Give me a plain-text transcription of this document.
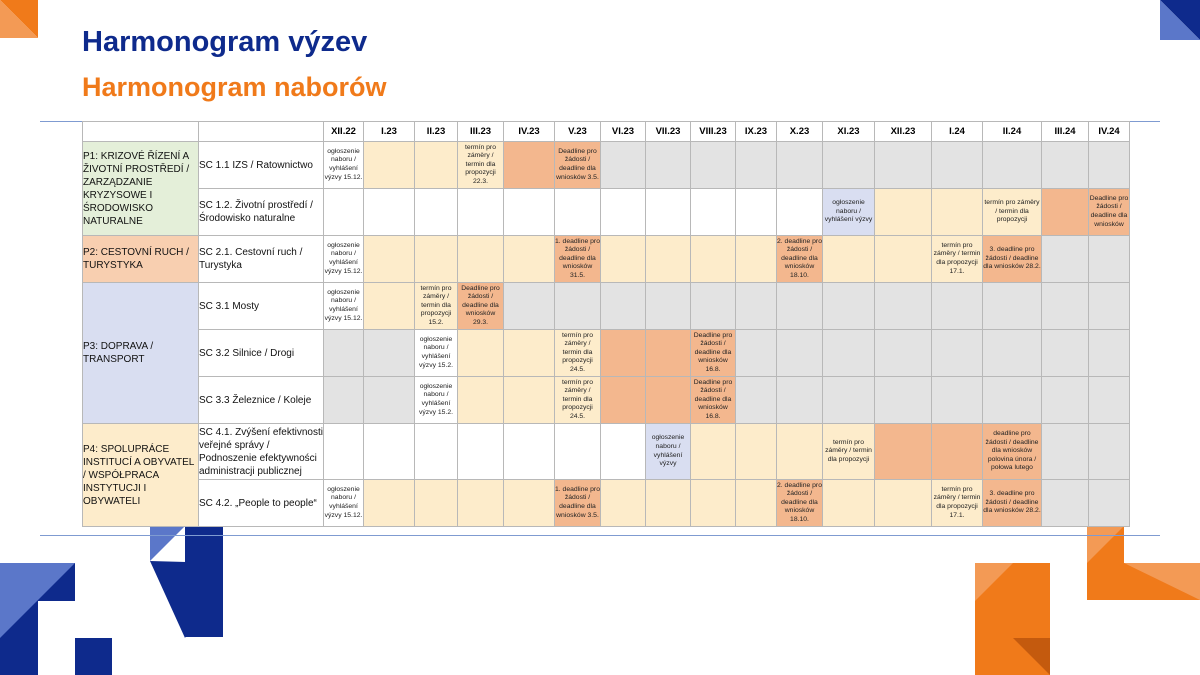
Harmonogram výzev
Harmonogram naborów
		XII.22	I.23	II.23	III.23	IV.23	V.23	VI.23	VII.23	VIII.23	IX.23	X.23	XI.23	XII.23	I.24	II.24	III.24	IV.24
P1: KRIZOVÉ ŘÍZENÍ A ŽIVOTNÍ PROSTŘEDÍ / ZARZĄDZANIE KRYZYSOWE I ŚRODOWISKO NATURALNE	SC 1.1 IZS / Ratownictwo	ogłoszenie naboru / vyhlášení výzvy 15.12.			termín pro záměry / termin dla propozycji 22.3.		Deadline pro žádosti / deadline dla wniosków 3.5.											
	SC 1.2. Životní prostředí / Środowisko naturalne												ogłoszenie naboru / vyhlášení výzvy			termín pro záměry / termin dla propozycji		Deadline pro žádosti / deadline dla wniosków
P2: CESTOVNÍ RUCH / TURYSTYKA	SC 2.1. Cestovní ruch / Turystyka	ogłoszenie naboru / vyhlášení výzvy 15.12.					1. deadline pro žádosti / deadline dla wniosków 31.5.					2. deadline pro žádosti / deadline dla wniosków 18.10.			termín pro záměry / termin dla propozycji 17.1.	3. deadline pro žádosti / deadline dla wniosków 28.2.		
P3: DOPRAVA / TRANSPORT	SC 3.1 Mosty	ogłoszenie naboru / vyhlášení výzvy 15.12.		termín pro záměry / termin dla propozycji 15.2.	Deadline pro žádosti / deadline dla wniosków 29.3.													
	SC 3.2 Silnice / Drogi			ogłoszenie naboru / vyhlášení výzvy 15.2.			termín pro záměry / termin dla propozycji 24.5.			Deadline pro žádosti / deadline dla wniosków 16.8.								
	SC 3.3 Železnice / Koleje			ogłoszenie naboru / vyhlášení výzvy 15.2.			termín pro záměry / termin dla propozycji 24.5.			Deadline pro žádosti / deadline dla wniosków 16.8.								
P4: SPOLUPRÁCE INSTITUCÍ A OBYVATEL / WSPÓŁPRACA INSTYTUCJI I OBYWATELI	SC 4.1. Zvýšení efektivnosti veřejné správy / Podnoszenie efektywności administracji publicznej								ogłoszenie naboru / vyhlášení výzvy				termín pro záměry / termin dla propozycji			deadline pro žádosti / deadline dla wniosków polovina února / połowa lutego		
	SC 4.2. „People to people“	ogłoszenie naboru / vyhlášení výzvy 15.12.					1. deadline pro žádosti / deadline dla wniosków 3.5.					2. deadline pro žádosti / deadline dla wniosków 18.10.			termín pro záměry / termin dla propozycji 17.1.	3. deadline pro žádosti / deadline dla wniosków 28.2.		
